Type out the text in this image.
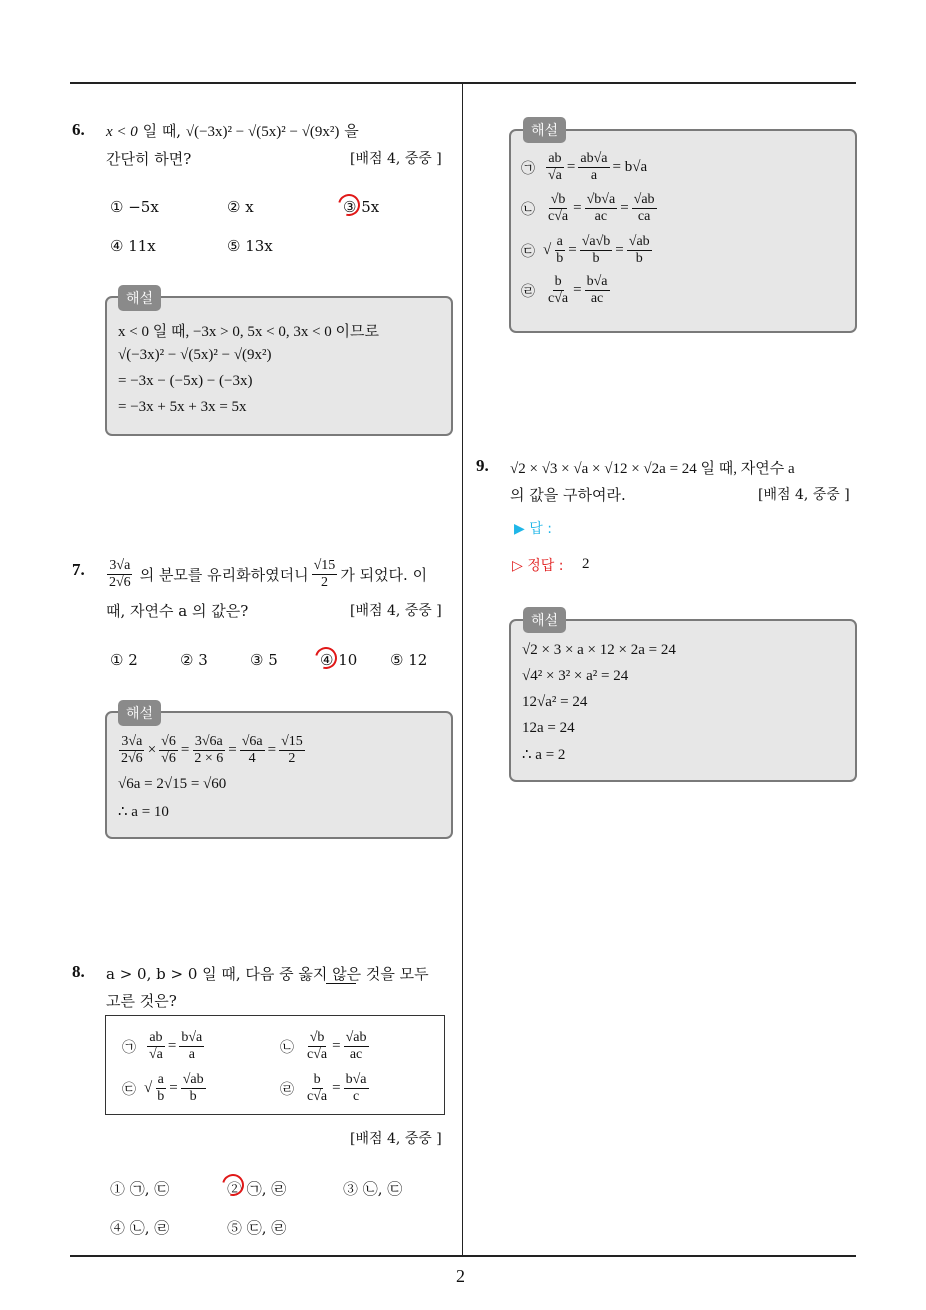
2
6. x < 0 일 때, √(−3x)² − √(5x)² − √(9x²) 을
간단히 하면?	[배점 4, 중중 ]
① −5x	② x	③ 5x
④ 11x	⑤ 13x
해설
x < 0 일 때, −3x > 0, 5x < 0, 3x < 0 이므로
√(−3x)² − √(5x)² − √(9x²)
= −3x − (−5x) − (−3x)
= −3x + 5x + 3x = 5x
7. $\frac{3√a}{2√6}$ 의 분모를 유리화하였더니 $\frac{√15}{2}$ 가 되었다. 이
때, 자연수 a 의 값은?	[배점 4, 중중 ]
① 2	② 3	③ 5	④ 10 ⑤ 12
해설
$\frac{3√a}{2√6} \times \frac{√6}{√6} = \frac{3√6a}{2 \times 6} = \frac{√6a}{4} = \frac{√15}{2}$
√6a = 2√15 = √60
∴ a = 10
8. a > 0, b > 0 일 때, 다음 중 옳지 않은 것을 모두
고른 것은?
㉠ $\frac{ab}{√a} = \frac{b√a}{a}$	㉡ $\frac{√b}{c√a} = \frac{√ab}{ac}$
㉢ √ $\frac{a}{b} = \frac{√ab}{b}$	㉣ $\frac{b}{c√a} = \frac{b√a}{c}$
[배점 4, 중중 ]
① ㉠, ㉢	② ㉠, ㉣	③ ㉡, ㉢
④ ㉡, ㉣	⑤ ㉢, ㉣
해설
㉠ $\frac{ab}{√a} = \frac{ab√a}{a} = b√a$
㉡ $\frac{√b}{c√a} = \frac{√b√a}{ac} = \frac{√ab}{ca}$
㉢ √ $\frac{a}{b} = \frac{√a√b}{b} = \frac{√ab}{b}$
㉣ $\frac{b}{c√a} = \frac{b√a}{ac}$
9. √2 × √3 × √a × √12 × √2a = 24 일 때, 자연수 a
의 값을 구하여라.	[배점 4, 중중 ]
▶ 답 :
▷ 정답 : 2
해설
√2 × 3 × a × 12 × 2a = 24
√4² × 3² × a² = 24
12√a² = 24
12a = 24
∴ a = 2
